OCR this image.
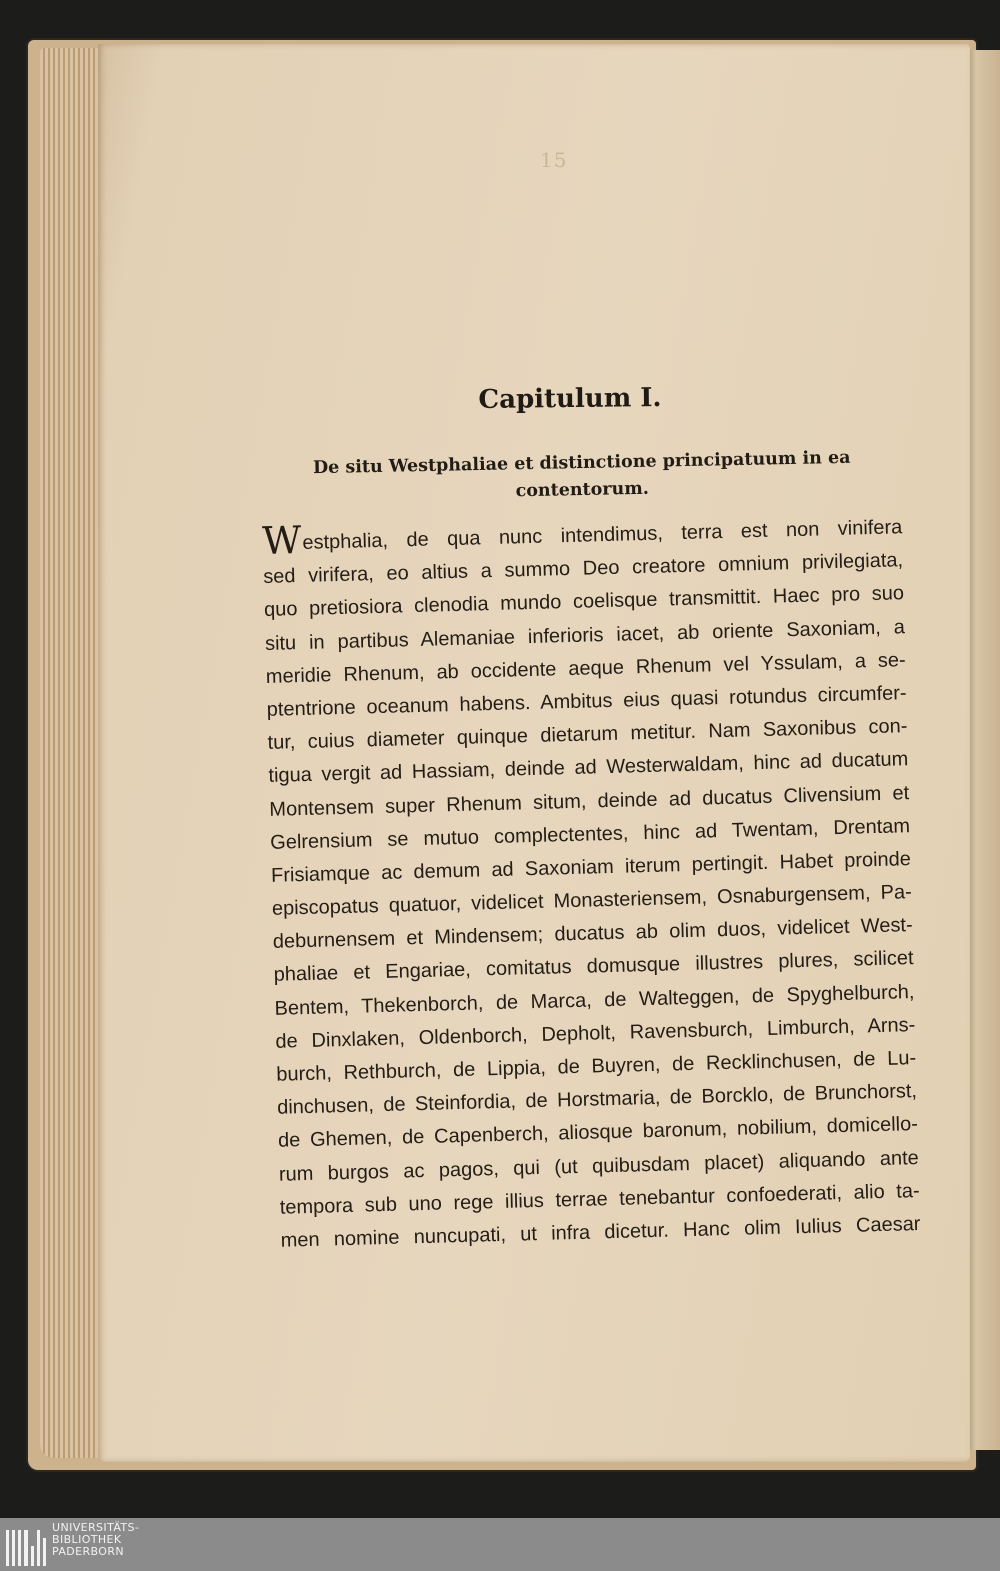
15
Capitulum I.
De situ Westphaliae et distinctione principatuum in ea contentorum.
Westphalia, de qua nunc intendimus, terra est non vinifera
sed virifera, eo altius a summo Deo creatore omnium privilegiata,
quo pretiosiora clenodia mundo coelisque transmittit. Haec pro suo
situ in partibus Alemaniae inferioris iacet, ab oriente Saxoniam, a
meridie Rhenum, ab occidente aeque Rhenum vel Yssulam, a se-
ptentrione oceanum habens. Ambitus eius quasi rotundus circumfer-
tur, cuius diameter quinque dietarum metitur. Nam Saxonibus con-
tigua vergit ad Hassiam, deinde ad Westerwaldam, hinc ad ducatum
Montensem super Rhenum situm, deinde ad ducatus Clivensium et
Gelrensium se mutuo complectentes, hinc ad Twentam, Drentam
Frisiamque ac demum ad Saxoniam iterum pertingit. Habet proinde
episcopatus quatuor, videlicet Monasteriensem, Osnaburgensem, Pa-
deburnensem et Mindensem; ducatus ab olim duos, videlicet West-
phaliae et Engariae, comitatus domusque illustres plures, scilicet
Bentem, Thekenborch, de Marca, de Walteggen, de Spyghelburch,
de Dinxlaken, Oldenborch, Depholt, Ravensburch, Limburch, Arns-
burch, Rethburch, de Lippia, de Buyren, de Recklinchusen, de Lu-
dinchusen, de Steinfordia, de Horstmaria, de Borcklo, de Brunchorst,
de Ghemen, de Capenberch, aliosque baronum, nobilium, domicello-
rum burgos ac pagos, qui (ut quibusdam placet) aliquando ante
tempora sub uno rege illius terrae tenebantur confoederati, alio ta-
men nomine nuncupati, ut infra dicetur. Hanc olim Iulius Caesar
UNIVERSITÄTS-
BIBLIOTHEK
PADERBORN
